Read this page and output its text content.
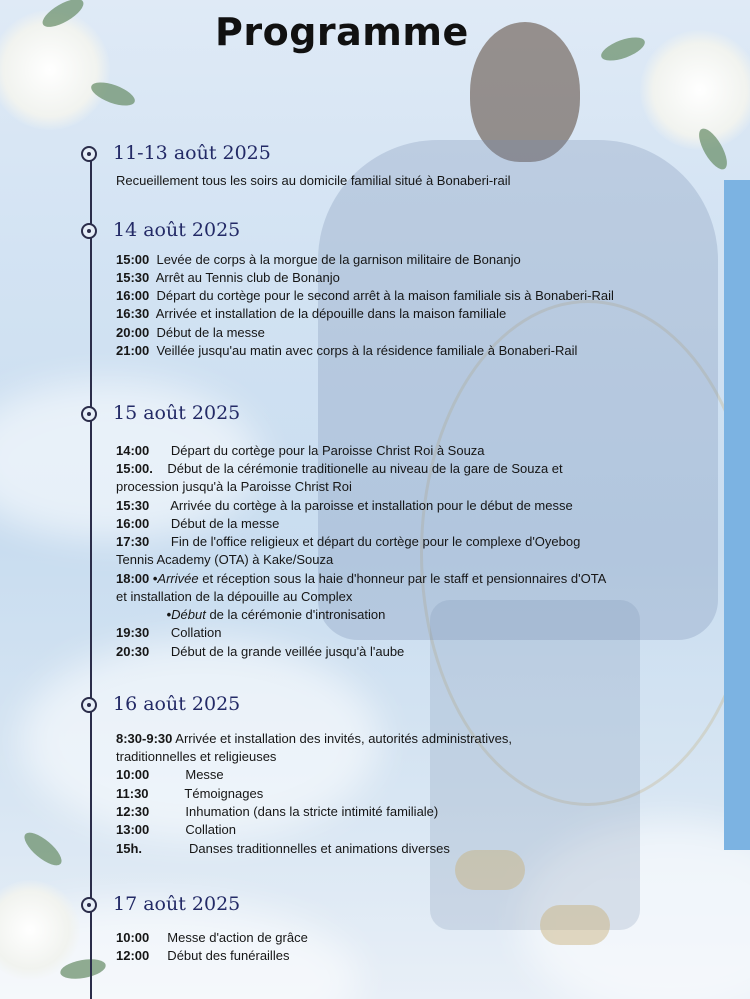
Programme
11-13 août 2025
Recueillement tous les soirs au domicile familial situé à Bonaberi-rail
14 août 2025
15:00  Levée de corps à la morgue de la garnison militaire de Bonanjo
15:30  Arrêt au Tennis club de Bonanjo
16:00  Départ du cortège pour le second arrêt à la maison familiale sis à Bonaberi-Rail
16:30  Arrivée et installation de la dépouille dans la maison familiale
20:00  Début de la messe
21:00  Veillée jusqu'au matin avec corps à la résidence familiale à Bonaberi-Rail
15 août 2025
14:00      Départ du cortège pour la Paroisse Christ Roi à Souza
15:00.    Début de la cérémonie traditionelle au niveau de la gare de Souza et
procession jusqu'à la Paroisse Christ Roi
15:30      Arrivée du cortège à la paroisse et installation pour le début de messe
16:00      Début de la messe
17:30      Fin de l'office religieux et départ du cortège pour le complexe d'Oyebog
Tennis Academy (OTA) à Kake/Souza
18:00 •Arrivée et réception sous la haie d'honneur par le staff et pensionnaires d'OTA
et installation de la dépouille au Complex
•Début de la cérémonie d'intronisation
19:30      Collation
20:30      Début de la grande veillée jusqu'à l'aube
16 août 2025
8:30-9:30 Arrivée et installation des invités, autorités administratives,
traditionnelles et religieuses
10:00          Messe
11:30          Témoignages
12:30          Inhumation (dans la stricte intimité familiale)
13:00          Collation
15h.             Danses traditionnelles et animations diverses
17 août 2025
10:00     Messe d'action de grâce
12:00     Début des funérailles
